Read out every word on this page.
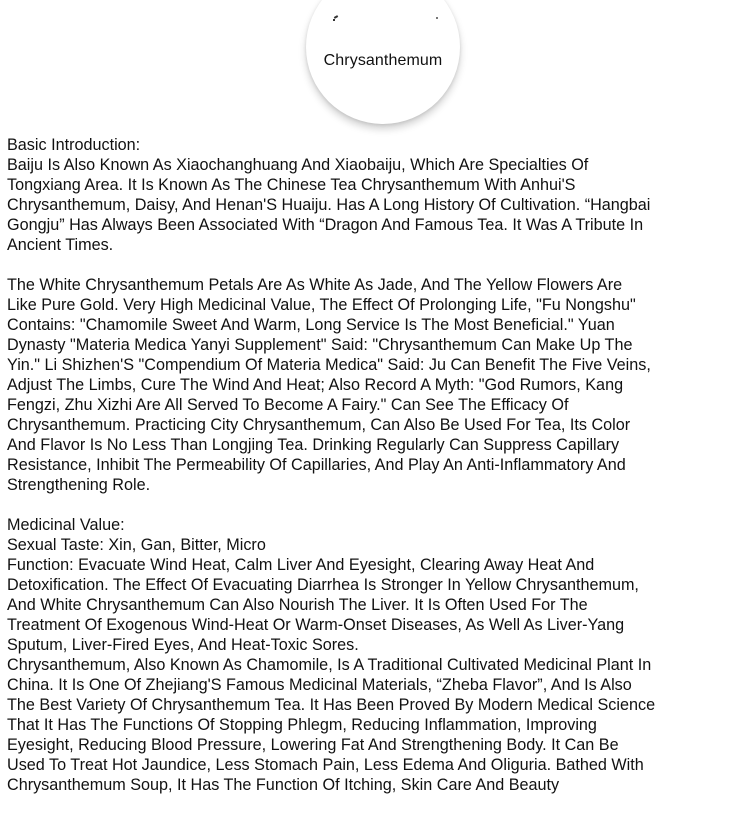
Chrysanthemum
Basic Introduction:
Baiju Is Also Known As Xiaochanghuang And Xiaobaiju, Which Are Specialties Of
Tongxiang Area. It Is Known As The Chinese Tea Chrysanthemum With Anhui'S
Chrysanthemum, Daisy, And Henan'S Huaiju. Has A Long History Of Cultivation. “Hangbai
Gongju” Has Always Been Associated With “Dragon And Famous Tea. It Was A Tribute In
Ancient Times.
The White Chrysanthemum Petals Are As White As Jade, And The Yellow Flowers Are
Like Pure Gold. Very High Medicinal Value, The Effect Of Prolonging Life, "Fu Nongshu"
Contains: "Chamomile Sweet And Warm, Long Service Is The Most Beneficial." Yuan
Dynasty "Materia Medica Yanyi Supplement" Said: "Chrysanthemum Can Make Up The
Yin." Li Shizhen'S "Compendium Of Materia Medica" Said: Ju Can Benefit The Five Veins,
Adjust The Limbs, Cure The Wind And Heat; Also Record A Myth: "God Rumors, Kang
Fengzi, Zhu Xizhi Are All Served To Become A Fairy." Can See The Efficacy Of
Chrysanthemum. Practicing City Chrysanthemum, Can Also Be Used For Tea, Its Color
And Flavor Is No Less Than Longjing Tea. Drinking Regularly Can Suppress Capillary
Resistance, Inhibit The Permeability Of Capillaries, And Play An Anti-Inflammatory And
Strengthening Role.
Medicinal Value:
Sexual Taste: Xin, Gan, Bitter, Micro
Function: Evacuate Wind Heat, Calm Liver And Eyesight, Clearing Away Heat And
Detoxification. The Effect Of Evacuating Diarrhea Is Stronger In Yellow Chrysanthemum,
And White Chrysanthemum Can Also Nourish The Liver. It Is Often Used For The
Treatment Of Exogenous Wind-Heat Or Warm-Onset Diseases, As Well As Liver-Yang
Sputum, Liver-Fired Eyes, And Heat-Toxic Sores.
Chrysanthemum, Also Known As Chamomile, Is A Traditional Cultivated Medicinal Plant In
China. It Is One Of Zhejiang'S Famous Medicinal Materials, “Zheba Flavor”, And Is Also
The Best Variety Of Chrysanthemum Tea. It Has Been Proved By Modern Medical Science
That It Has The Functions Of Stopping Phlegm, Reducing Inflammation, Improving
Eyesight, Reducing Blood Pressure, Lowering Fat And Strengthening Body. It Can Be
Used To Treat Hot Jaundice, Less Stomach Pain, Less Edema And Oliguria. Bathed With
Chrysanthemum Soup, It Has The Function Of Itching, Skin Care And Beauty
